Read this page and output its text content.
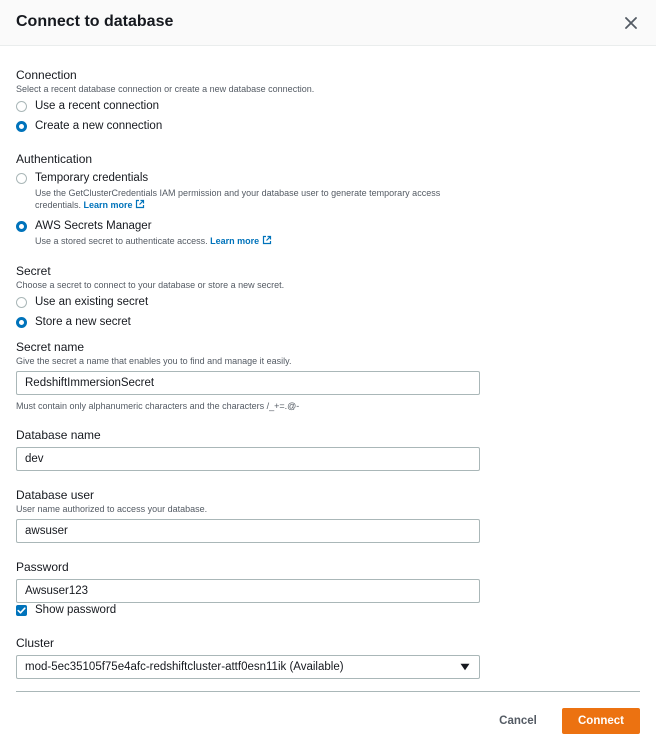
Connect to database
Connection
Select a recent database connection or create a new database connection.
Use a recent connection
Create a new connection
Authentication
Temporary credentials
Use the GetClusterCredentials IAM permission and your database user to generate temporary access
credentials. Learn more
AWS Secrets Manager
Use a stored secret to authenticate access. Learn more
Secret
Choose a secret to connect to your database or store a new secret.
Use an existing secret
Store a new secret
Secret name
Give the secret a name that enables you to find and manage it easily.
RedshiftImmersionSecret
Must contain only alphanumeric characters and the characters /_+=.@-
Database name
dev
Database user
User name authorized to access your database.
awsuser
Password
Awsuser123
Show password
Cluster
mod-5ec35105f75e4afc-redshiftcluster-attf0esn11ik (Available)
Cancel	Connect
